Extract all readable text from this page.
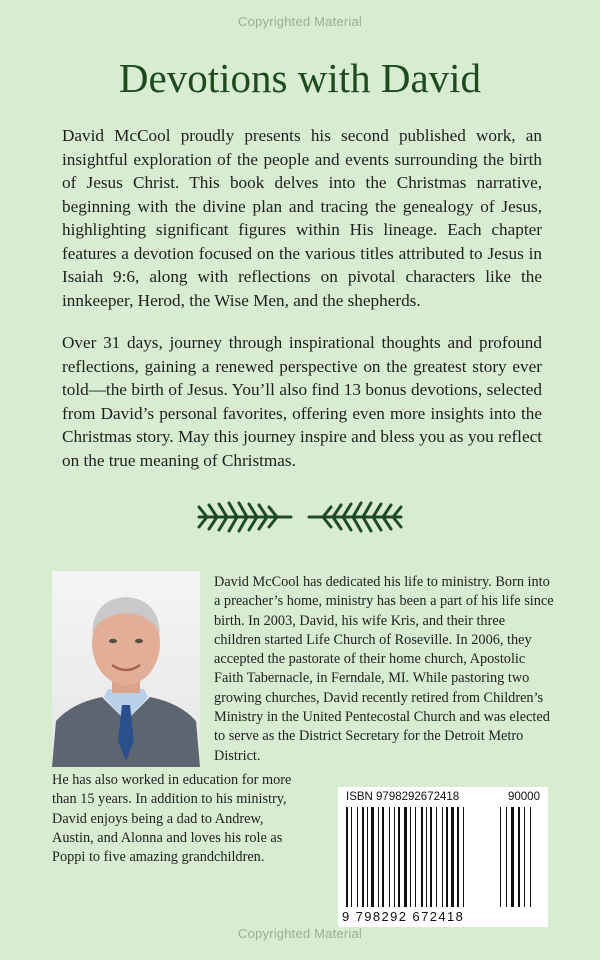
Copyrighted Material
Devotions with David

David McCool proudly presents his second published work, an insightful exploration of the people and events surrounding the birth of Jesus Christ. This book delves into the Christmas narrative, beginning with the divine plan and tracing the genealogy of Jesus, highlighting significant figures within His lineage. Each chapter features a devotion focused on the various titles attributed to Jesus in Isaiah 9:6, along with reflections on pivotal characters like the innkeeper, Herod, the Wise Men, and the shepherds.

Over 31 days, journey through inspirational thoughts and profound reflections, gaining a renewed perspective on the greatest story ever told—the birth of Jesus. You’ll also find 13 bonus devotions, selected from David’s personal favorites, offering even more insights into the Christmas story. May this journey inspire and bless you as you reflect on the true meaning of Christmas.

David McCool has dedicated his life to ministry. Born into a preacher’s home, ministry has been a part of his life since birth. In 2003, David, his wife Kris, and their three children started Life Church of Roseville. In 2006, they accepted the pastorate of their home church, Apostolic Faith Tabernacle, in Ferndale, MI. While pastoring two growing churches, David recently retired from Children’s Ministry in the United Pentecostal Church and was elected to serve as the District Secretary for the Detroit Metro District.

He has also worked in education for more than 15 years. In addition to his ministry, David enjoys being a dad to Andrew, Austin, and Alonna and loves his role as Poppi to five amazing grandchildren.

ISBN 9798292672418	90000
9 798292 672418
Copyrighted Material
